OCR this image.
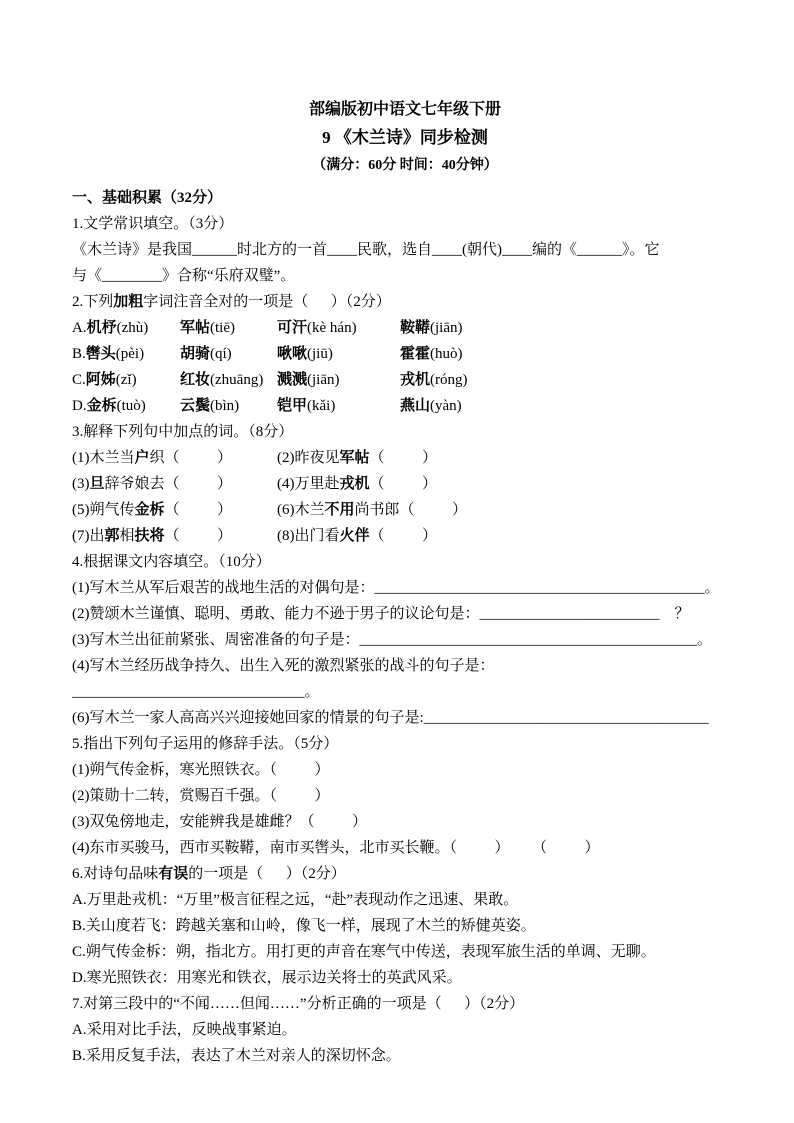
部编版初中语文七年级下册
9 《木兰诗》同步检测
（满分：60分 时间：40分钟）
一、基础积累（32分）
1.文学常识填空。（3分）
《木兰诗》是我国______时北方的一首____民歌，选自____(朝代)____编的《______》。它
与《________》合称“乐府双璧”。
2.下列加粗字词注音全对的一项是（      ）（2分）
A.机杼(zhù) 军帖(tiē)	可汗(kè hán)	鞍鞯(jiān)
B.辔头(pèi) 胡骑(qí)	啾啾(jiū)	霍霍(huò)
C.阿姊(zǐ)	红妆(zhuāng) 溅溅(jiān)	戎机(róng)
D.金柝(tuò) 云鬓(bìn)	铠甲(kǎi)	燕山(yàn)
3.解释下列句中加点的词。（8分）
(1)木兰当户织（          ）	(2)昨夜见军帖（          ）
(3)旦辞爷娘去（          ）	(4)万里赴戎机（          ）
(5)朔气传金柝（          ）	(6)木兰不用尚书郎（          ）
(7)出郭相扶将（          ）	(8)出门看火伴（          ）
4.根据课文内容填空。（10分）
(1)写木兰从军后艰苦的战地生活的对偶句是：____________________________________________。
(2)赞颂木兰谨慎、聪明、勇敢、能力不逊于男子的议论句是：________________________    ？
(3)写木兰出征前紧张、周密准备的句子是：_____________________________________________。
(4)写木兰经历战争持久、出生入死的激烈紧张的战斗的句子是：_______________________________。
(6)写木兰一家人高高兴兴迎接她回家的情景的句子是:______________________________________
5.指出下列句子运用的修辞手法。（5分）
(1)朔气传金柝，寒光照铁衣。（          ）
(2)策勋十二转，赏赐百千强。（          ）
(3)双兔傍地走，安能辨我是雄雌？（          ）
(4)东市买骏马，西市买鞍鞯，南市买辔头，北市买长鞭。（          ）      （          ）
6.对诗句品味有误的一项是（      ）（2分）
A.万里赴戎机：“万里”极言征程之远，“赴”表现动作之迅速、果敢。
B.关山度若飞：跨越关塞和山岭，像飞一样，展现了木兰的矫健英姿。
C.朔气传金柝：朔，指北方。用打更的声音在寒气中传送，表现军旅生活的单调、无聊。
D.寒光照铁衣：用寒光和铁衣，展示边关将士的英武风采。
7.对第三段中的“不闻……但闻……”分析正确的一项是（      ）（2分）
A.采用对比手法，反映战事紧迫。
B.采用反复手法，表达了木兰对亲人的深切怀念。
